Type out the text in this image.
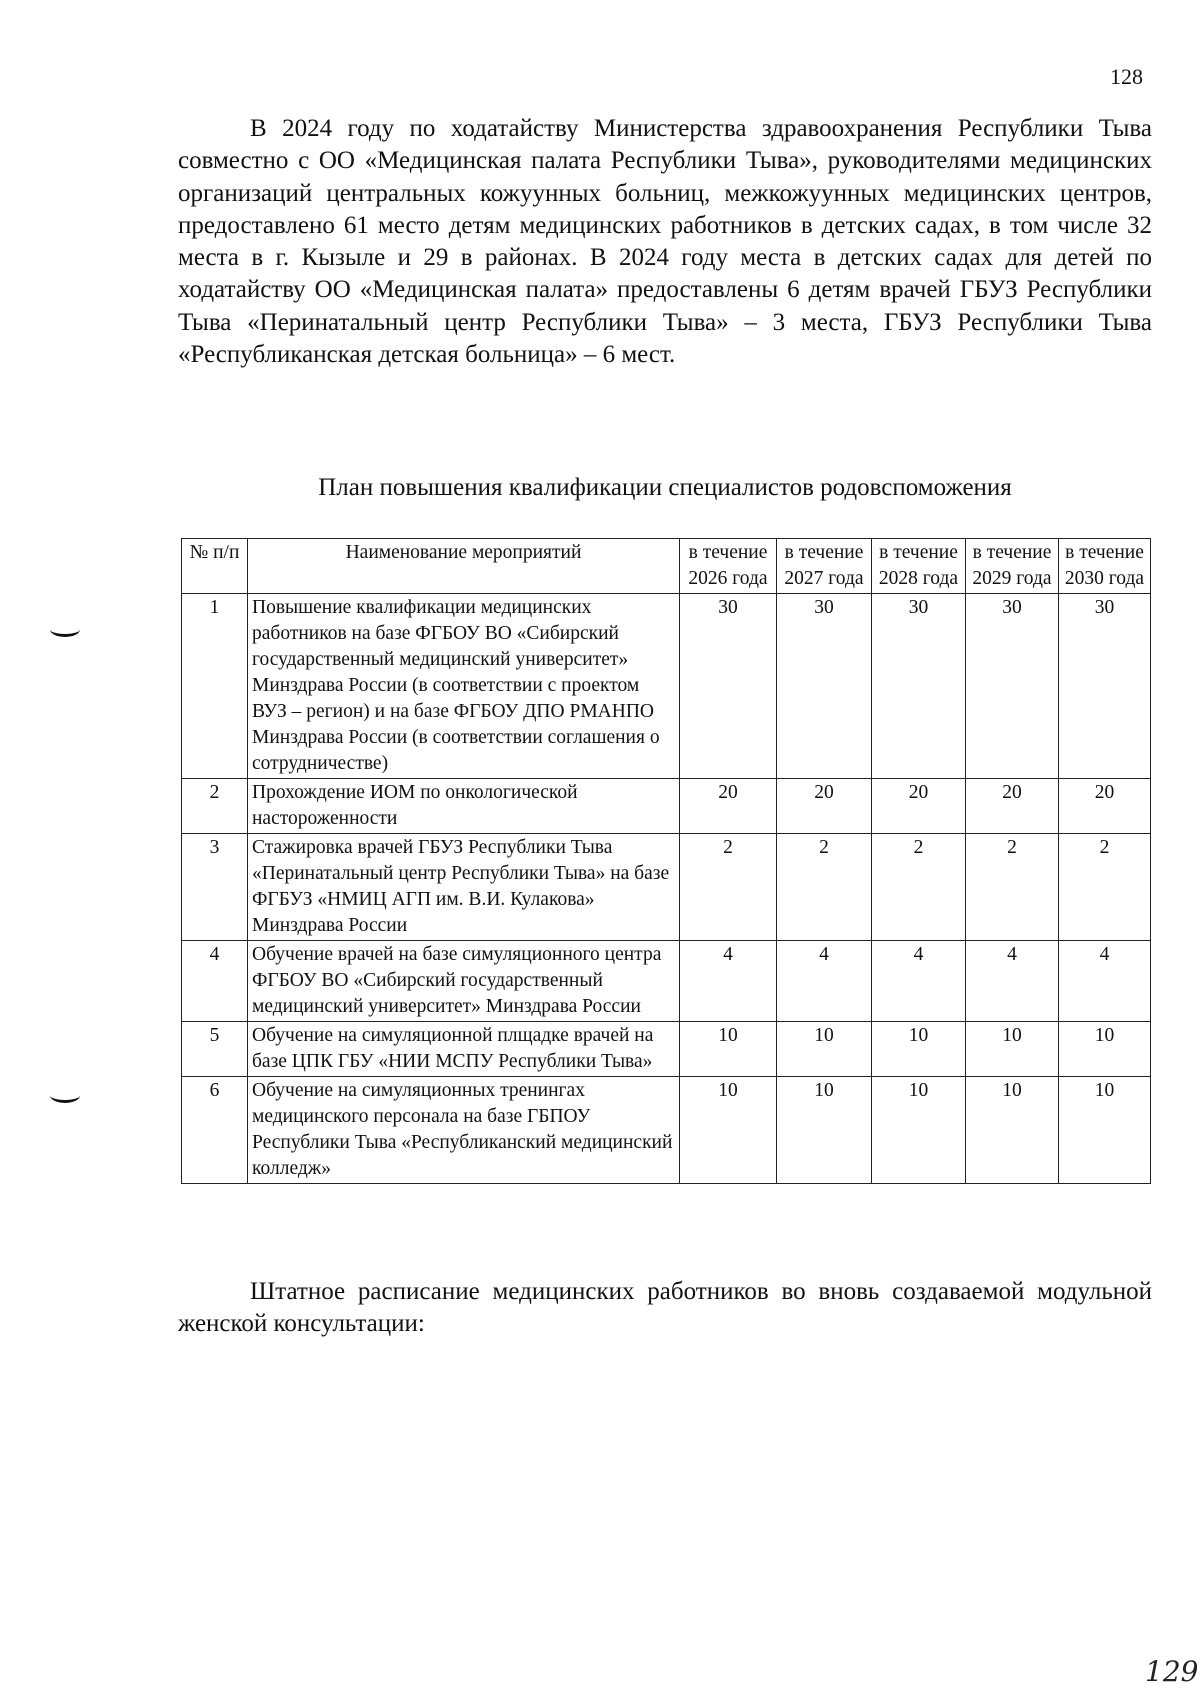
128

В 2024 году по ходатайству Министерства здравоохранения Республики Тыва совместно с ОО «Медицинская палата Республики Тыва», руководителями медицинских организаций центральных кожуунных больниц, межкожуунных медицинских центров, предоставлено 61 место детям медицинских работников в детских садах, в том числе 32 места в г. Кызыле и 29 в районах. В 2024 году места в детских садах для детей по ходатайству ОО «Медицинская палата» предоставлены 6 детям врачей ГБУЗ Республики Тыва «Перинатальный центр Республики Тыва» – 3 места, ГБУЗ Республики Тыва «Республиканская детская больница» – 6 мест.

План повышения квалификации специалистов родовспоможения

№ п/п	Наименование мероприятий	в течение 2026 года	в течение 2027 года	в течение 2028 года	в течение 2029 года	в течение 2030 года
1	Повышение квалификации медицинских работников на базе ФГБОУ ВО «Сибирский государственный медицинский университет» Минздрава России (в соответствии с проектом ВУЗ – регион) и на базе ФГБОУ ДПО РМАНПО Минздрава России (в соответствии соглашения о сотрудничестве)	30	30	30	30	30
2	Прохождение ИОМ по онкологической настороженности	20	20	20	20	20
3	Стажировка врачей ГБУЗ Республики Тыва «Перинатальный центр Республики Тыва» на базе ФГБУЗ «НМИЦ АГП им. В.И. Кулакова» Минздрава России	2	2	2	2	2
4	Обучение врачей на базе симуляционного центра ФГБОУ ВО «Сибирский государственный медицинский университет» Минздрава России	4	4	4	4	4
5	Обучение на симуляционной плщадке врачей на базе ЦПК ГБУ «НИИ МСПУ Республики Тыва»	10	10	10	10	10
6	Обучение на симуляционных тренингах медицинского персонала на базе ГБПОУ Республики Тыва «Республиканский медицинский колледж»	10	10	10	10	10

Штатное расписание медицинских работников во вновь создаваемой модульной женской консультации:

129
